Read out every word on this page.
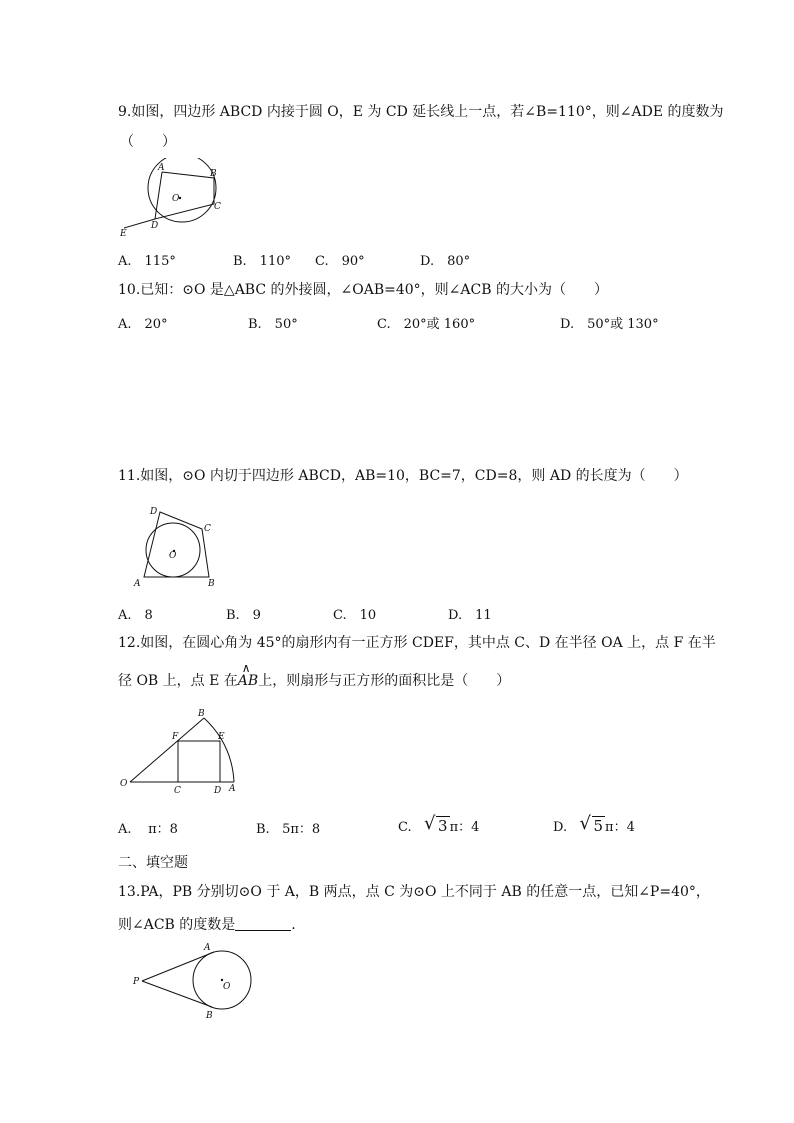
9.如图，四边形 ABCD 内接于圆 O，E 为 CD 延长线上一点，若∠B=110°，则∠ADE 的度数为
（　　）
A
B
C
D
E
O
A.　115°	B.　110° C.　90°	D.　80°
10.已知：⊙O 是△ABC 的外接圆，∠OAB=40°，则∠ACB 的大小为（　　）
A.　20°	B.　50°	C.　20°或 160°	D.　50°或 130°
11.如图，⊙O 内切于四边形 ABCD，AB=10，BC=7，CD=8，则 AD 的长度为（　　）
D
C
A	B
O
A.　8	B.　9	C.　10	D.　11
12.如图，在圆心角为 45°的扇形内有一正方形 CDEF，其中点 C、D 在半径 OA 上，点 F 在半
径 OB 上，点 E 在
∧
AB上，则扇形与正方形的面积比是（　　）
O
B
F	E
C	D A
A. π：8	B. 5π：8	C. √ 3 π：4	D. √ 5 π：4
二、填空题
13.PA，PB 分别切⊙O 于 A，B 两点，点 C 为⊙O 上不同于 AB 的任意一点，已知∠P=40°，
则∠ACB 的度数是	.
P
A
B
O
